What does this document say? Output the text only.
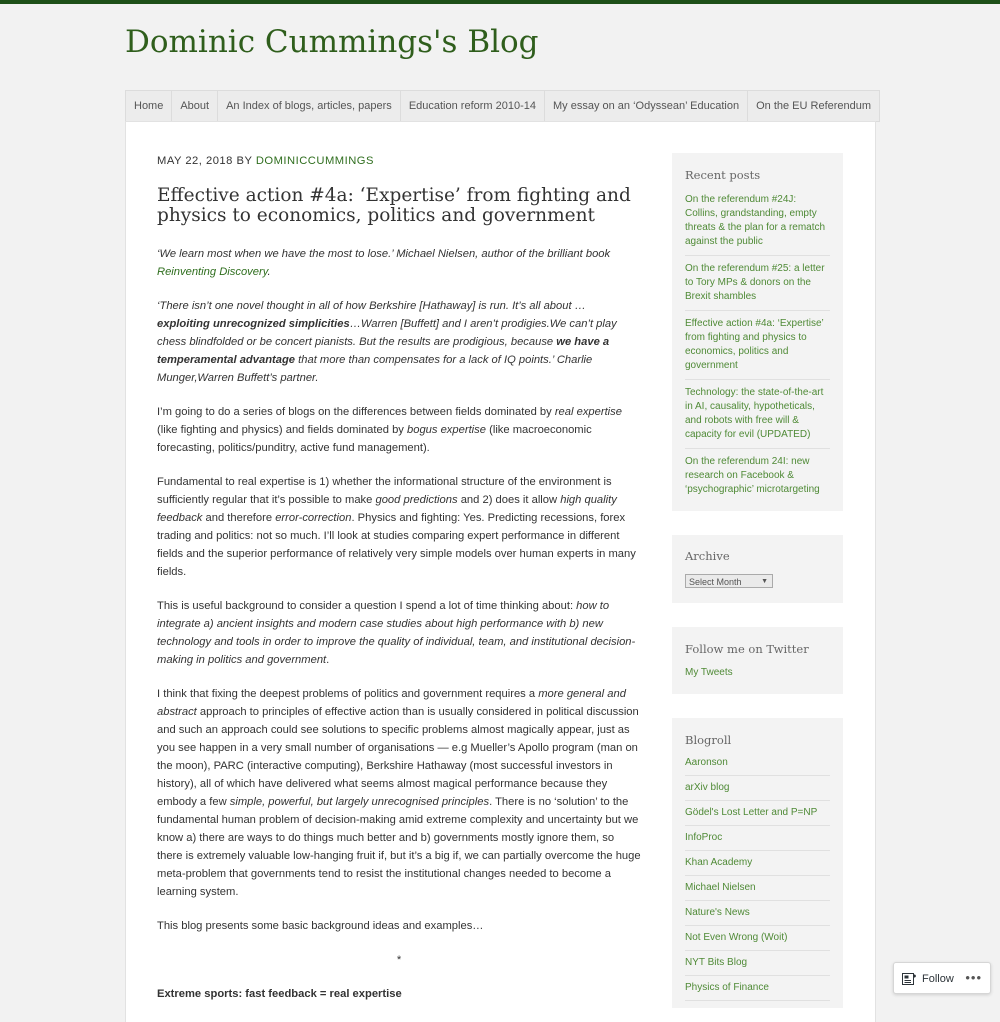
Dominic Cummings's Blog
Home	About	An Index of blogs, articles, papers	Education reform 2010-14	My essay on an ‘Odyssean’ Education	On the EU Referendum

MAY 22, 2018 BY DOMINICCUMMINGS

Effective action #4a: ‘Expertise’ from fighting and physics to economics, politics and government

‘We learn most when we have the most to lose.’ Michael Nielsen, author of the brilliant book Reinventing Discovery.

‘There isn’t one novel thought in all of how Berkshire [Hathaway] is run. It’s all about … exploiting unrecognized simplicities…Warren [Buffett] and I aren’t prodigies.We can’t play chess blindfolded or be concert pianists. But the results are prodigious, because we have a temperamental advantage that more than compensates for a lack of IQ points.’ Charlie Munger,Warren Buffett’s partner.

I’m going to do a series of blogs on the differences between fields dominated by real expertise (like fighting and physics) and fields dominated by bogus expertise (like macroeconomic forecasting, politics/punditry, active fund management).

Fundamental to real expertise is 1) whether the informational structure of the environment is sufficiently regular that it’s possible to make good predictions and 2) does it allow high quality feedback and therefore error-correction. Physics and fighting: Yes. Predicting recessions, forex trading and politics: not so much. I’ll look at studies comparing expert performance in different fields and the superior performance of relatively very simple models over human experts in many fields.

This is useful background to consider a question I spend a lot of time thinking about: how to integrate a) ancient insights and modern case studies about high performance with b) new technology and tools in order to improve the quality of individual, team, and institutional decision-making in politics and government.

I think that fixing the deepest problems of politics and government requires a more general and abstract approach to principles of effective action than is usually considered in political discussion and such an approach could see solutions to specific problems almost magically appear, just as you see happen in a very small number of organisations — e.g Mueller’s Apollo program (man on the moon), PARC (interactive computing), Berkshire Hathaway (most successful investors in history), all of which have delivered what seems almost magical performance because they embody a few simple, powerful, but largely unrecognised principles. There is no ‘solution’ to the fundamental human problem of decision-making amid extreme complexity and uncertainty but we know a) there are ways to do things much better and b) governments mostly ignore them, so there is extremely valuable low-hanging fruit if, but it’s a big if, we can partially overcome the huge meta-problem that governments tend to resist the institutional changes needed to become a learning system.

This blog presents some basic background ideas and examples…

*

Extreme sports: fast feedback = real expertise

Recent posts
On the referendum #24J: Collins, grandstanding, empty threats & the plan for a rematch against the public
On the referendum #25: a letter to Tory MPs & donors on the Brexit shambles
Effective action #4a: ‘Expertise’ from fighting and physics to economics, politics and government
Technology: the state-of-the-art in AI, causality, hypotheticals, and robots with free will & capacity for evil (UPDATED)
On the referendum 24I: new research on Facebook & ‘psychographic’ microtargeting
Archive
Select Month	▼
Follow me on Twitter
My Tweets
Blogroll
Aaronson
arXiv blog
Gödel's Lost Letter and P=NP
InfoProc
Khan Academy
Michael Nielsen
Nature's News
Not Even Wrong (Woit)
NYT Bits Blog
Physics of Finance
Follow •••
